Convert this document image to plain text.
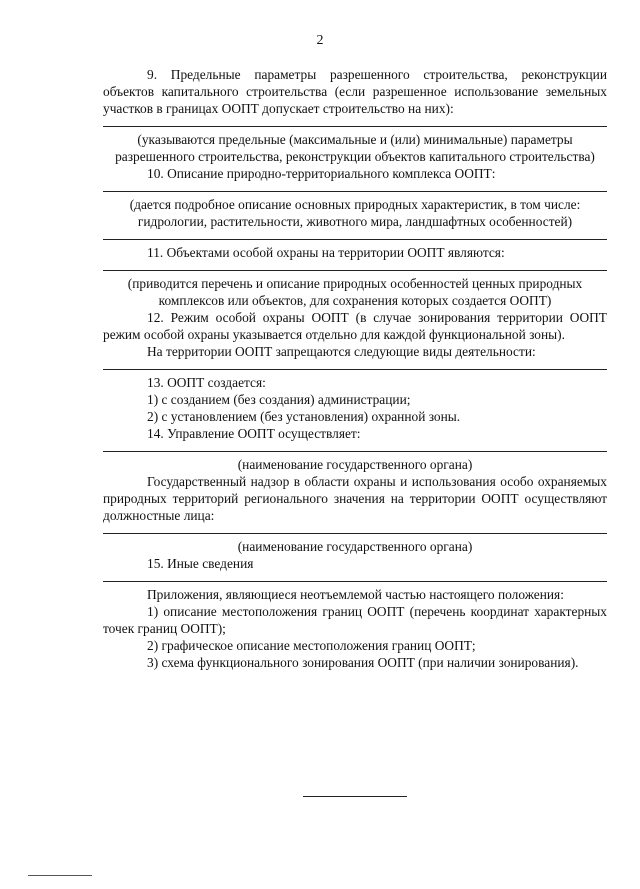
2

9. Предельные параметры разрешенного строительства, реконструкции объектов капитального строительства (если разрешенное использование земельных участков в границах ООПТ допускает строительство на них):

(указываются предельные (максимальные и (или) минимальные) параметры разрешенного строительства, реконструкции объектов капитального строительства)

10. Описание природно-территориального комплекса ООПТ:

(дается подробное описание основных природных характеристик, в том числе: гидрологии, растительности, животного мира, ландшафтных особенностей)

11. Объектами особой охраны на территории ООПТ являются:

(приводится перечень и описание природных особенностей ценных природных комплексов или объектов, для сохранения которых создается ООПТ)

12. Режим особой охраны ООПТ (в случае зонирования территории ООПТ режим особой охраны указывается отдельно для каждой функциональной зоны).

На территории ООПТ запрещаются следующие виды деятельности:

13. ООПТ создается:

1) с созданием (без создания) администрации;

2) с установлением (без установления) охранной зоны.

14. Управление ООПТ осуществляет:

(наименование государственного органа)

Государственный надзор в области охраны и использования особо охраняемых природных территорий регионального значения на территории ООПТ осуществляют должностные лица:

(наименование государственного органа)

15. Иные сведения

Приложения, являющиеся неотъемлемой частью настоящего положения:

1) описание местоположения границ ООПТ (перечень координат характерных точек границ ООПТ);

2) графическое описание местоположения границ ООПТ;

3) схема функционального зонирования ООПТ (при наличии зонирования).
